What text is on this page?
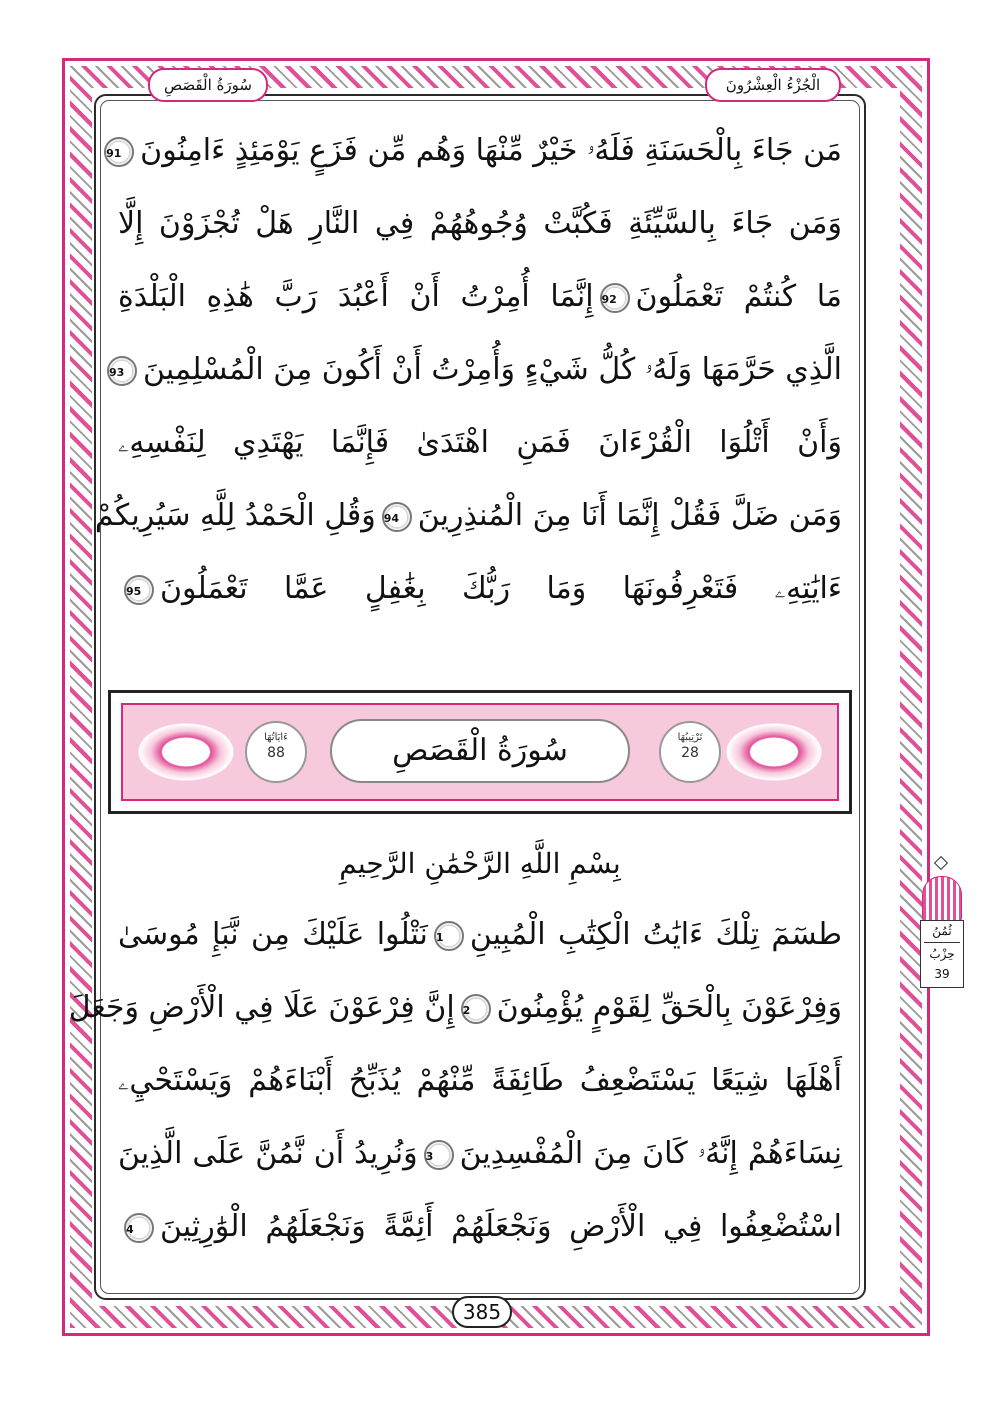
الْجُزْءُ الْعِشْرُونَ
سُورَةُ الْقَصَصِ
مَن جَاءَ بِالْحَسَنَةِ فَلَهُۥ خَيْرٌ مِّنْهَا وَهُم مِّن فَزَعٍ يَوْمَئِذٍ ءَامِنُونَ91
وَمَن جَاءَ بِالسَّيِّئَةِ فَكُبَّتْ وُجُوهُهُمْ فِي النَّارِ هَلْ تُجْزَوْنَ إِلَّا
مَا كُنتُمْ تَعْمَلُونَ92إِنَّمَا أُمِرْتُ أَنْ أَعْبُدَ رَبَّ هَٰذِهِ الْبَلْدَةِ
الَّذِي حَرَّمَهَا وَلَهُۥ كُلُّ شَيْءٍ وَأُمِرْتُ أَنْ أَكُونَ مِنَ الْمُسْلِمِينَ93
وَأَنْ أَتْلُوَا الْقُرْءَانَ فَمَنِ اهْتَدَىٰ فَإِنَّمَا يَهْتَدِي لِنَفْسِهِۦ
وَمَن ضَلَّ فَقُلْ إِنَّمَا أَنَا مِنَ الْمُنذِرِينَ94وَقُلِ الْحَمْدُ لِلَّهِ سَيُرِيكُمْ
ءَايَٰتِهِۦ فَتَعْرِفُونَهَا وَمَا رَبُّكَ بِغَٰفِلٍ عَمَّا تَعْمَلُونَ95
تَرْتِيبُهَا
28
سُورَةُ الْقَصَصِ
ءَايَاتُهَا
88
بِسْمِ اللَّهِ الرَّحْمَٰنِ الرَّحِيمِ
طسٓمٓ تِلْكَ ءَايَٰتُ الْكِتَٰبِ الْمُبِينِ1نَتْلُوا عَلَيْكَ مِن نَّبَإِ مُوسَىٰ
وَفِرْعَوْنَ بِالْحَقِّ لِقَوْمٍ يُؤْمِنُونَ2إِنَّ فِرْعَوْنَ عَلَا فِي الْأَرْضِ وَجَعَلَ
أَهْلَهَا شِيَعًا يَسْتَضْعِفُ طَائِفَةً مِّنْهُمْ يُذَبِّحُ أَبْنَاءَهُمْ وَيَسْتَحْيِۦ
نِسَاءَهُمْ إِنَّهُۥ كَانَ مِنَ الْمُفْسِدِينَ3وَنُرِيدُ أَن نَّمُنَّ عَلَى الَّذِينَ
اسْتُضْعِفُوا فِي الْأَرْضِ وَنَجْعَلَهُمْ أَئِمَّةً وَنَجْعَلَهُمُ الْوَٰرِثِينَ4
ثُمُنُ
حِزْبُ
39
385
